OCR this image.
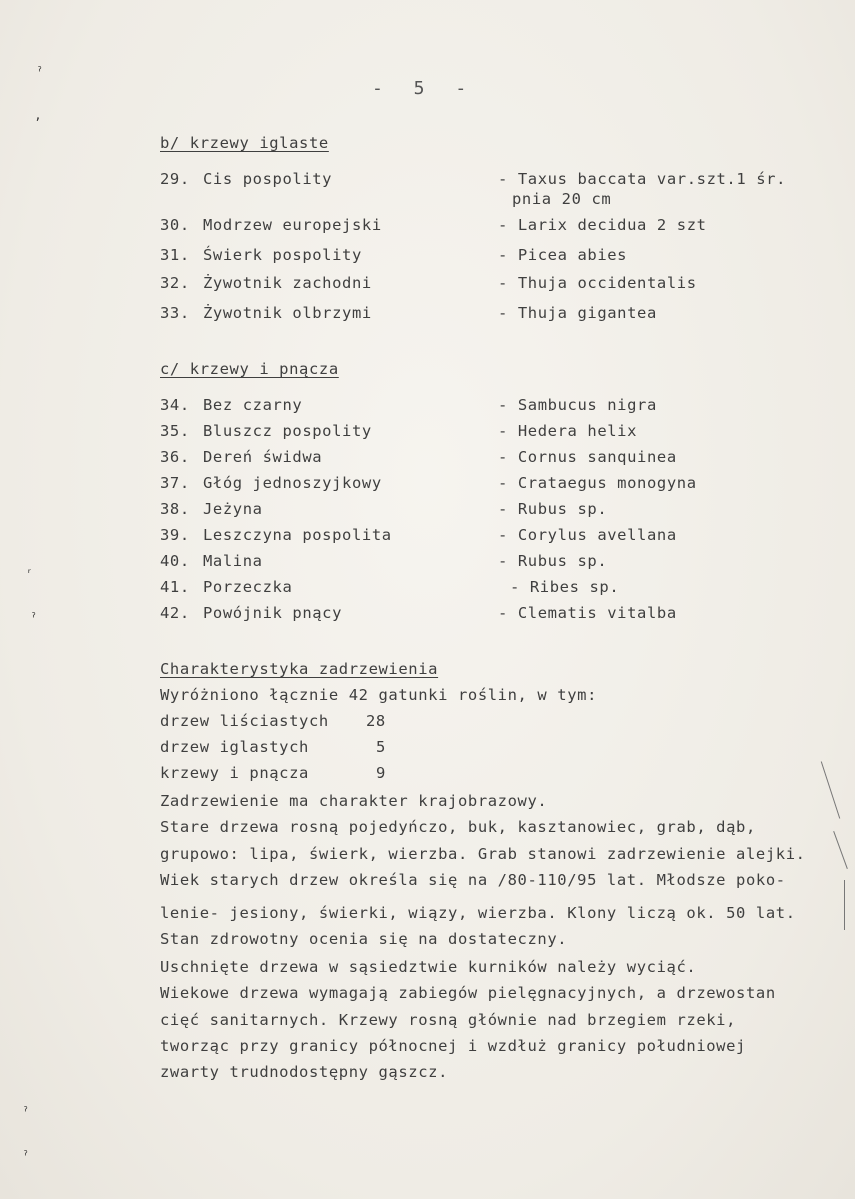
- 5 -
ˀ
ʼ
ʳ
ˀ
ˀ
ˀ
b/ krzewy iglaste
29. Cis pospolity	- Taxus baccata var.szt.1 śr.
pnia 20 cm
30. Modrzew europejski	- Larix decidua 2 szt
31. Świerk pospolity	- Picea abies
32. Żywotnik zachodni	- Thuja occidentalis
33. Żywotnik olbrzymi	- Thuja gigantea
c/ krzewy i pnącza
34. Bez czarny	- Sambucus nigra
35. Bluszcz pospolity	- Hedera helix
36. Dereń świdwa	- Cornus sanquinea
37. Głóg jednoszyjkowy	- Crataegus monogyna
38. Jeżyna	- Rubus sp.
39. Leszczyna pospolita	- Corylus avellana
40. Malina	- Rubus sp.
41. Porzeczka	- Ribes sp.
42. Powójnik pnący	- Clematis vitalba
Charakterystyka zadrzewienia
Wyróżniono łącznie 42 gatunki roślin, w tym:
drzew liściastych 28
drzew iglastych	5
krzewy i pnącza	9
Zadrzewienie ma charakter krajobrazowy.
Stare drzewa rosną pojedyńczo, buk, kasztanowiec, grab, dąb,
grupowo: lipa, świerk, wierzba. Grab stanowi zadrzewienie alejki.
Wiek starych drzew określa się na /80-110/95 lat. Młodsze poko-
lenie- jesiony, świerki, wiązy, wierzba. Klony liczą ok. 50 lat.
Stan zdrowotny ocenia się na dostateczny.
Uschnięte drzewa w sąsiedztwie kurników należy wyciąć.
Wiekowe drzewa wymagają zabiegów pielęgnacyjnych, a drzewostan
cięć sanitarnych. Krzewy rosną głównie nad brzegiem rzeki,
tworząc przy granicy północnej i wzdłuż granicy południowej
zwarty trudnodostępny gąszcz.
